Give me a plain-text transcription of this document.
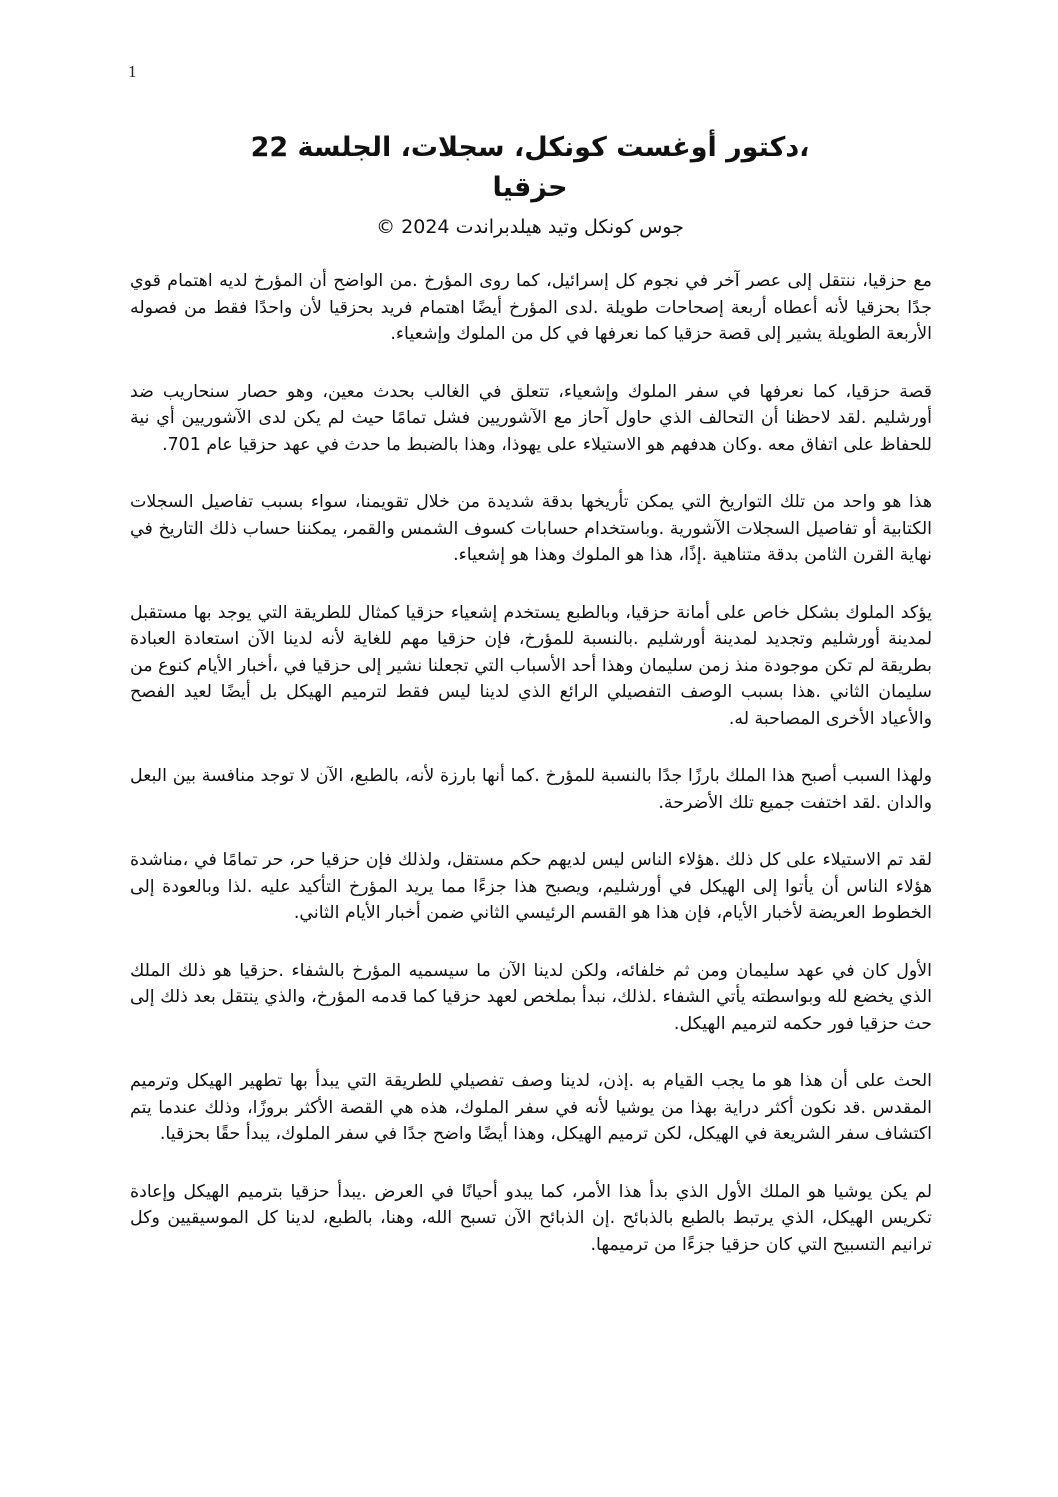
1
،دكتور أوغست كونكل، سجلات، الجلسة 22
حزقيا
جوس كونكل وتيد هيلدبراندت 2024 ©

مع حزقيا، ننتقل إلى عصر آخر في نجوم كل إسرائيل، كما روى المؤرخ .من الواضح أن المؤرخ لديه اهتمام قوي جدًا بحزقيا لأنه أعطاه أربعة إصحاحات طويلة .لدى المؤرخ أيضًا اهتمام فريد بحزقيا لأن واحدًا فقط من فصوله الأربعة الطويلة يشير إلى قصة حزقيا كما نعرفها في كل من الملوك وإشعياء.

قصة حزقيا، كما نعرفها في سفر الملوك وإشعياء، تتعلق في الغالب بحدث معين، وهو حصار سنحاريب ضد أورشليم .لقد لاحظنا أن التحالف الذي حاول آحاز مع الآشوريين فشل تمامًا حيث لم يكن لدى الآشوريين أي نية للحفاظ على اتفاق معه .وكان هدفهم هو الاستيلاء على يهوذا، وهذا بالضبط ما حدث في عهد حزقيا عام 701.

هذا هو واحد من تلك التواريخ التي يمكن تأريخها بدقة شديدة من خلال تقويمنا، سواء بسبب تفاصيل السجلات الكتابية أو تفاصيل السجلات الآشورية .وباستخدام حسابات كسوف الشمس والقمر، يمكننا حساب ذلك التاريخ في نهاية القرن الثامن بدقة متناهية .إذًا، هذا هو الملوك وهذا هو إشعياء.

يؤكد الملوك بشكل خاص على أمانة حزقيا، وبالطبع يستخدم إشعياء حزقيا كمثال للطريقة التي يوجد بها مستقبل لمدينة أورشليم وتجديد لمدينة أورشليم .بالنسبة للمؤرخ، فإن حزقيا مهم للغاية لأنه لدينا الآن استعادة العبادة بطريقة لم تكن موجودة منذ زمن سليمان وهذا أحد الأسباب التي تجعلنا نشير إلى حزقيا في ،أخبار الأيام كنوع من سليمان الثاني .هذا بسبب الوصف التفصيلي الرائع الذي لدينا ليس فقط لترميم الهيكل بل أيضًا لعيد الفصح والأعياد الأخرى المصاحبة له.

ولهذا السبب أصبح هذا الملك بارزًا جدًا بالنسبة للمؤرخ .كما أنها بارزة لأنه، بالطبع، الآن لا توجد منافسة بين البعل والدان .لقد اختفت جميع تلك الأضرحة.

لقد تم الاستيلاء على كل ذلك .هؤلاء الناس ليس لديهم حكم مستقل، ولذلك فإن حزقيا حر، حر تمامًا في ،مناشدة هؤلاء الناس أن يأتوا إلى الهيكل في أورشليم، ويصبح هذا جزءًا مما يريد المؤرخ التأكيد عليه .لذا وبالعودة إلى الخطوط العريضة لأخبار الأيام، فإن هذا هو القسم الرئيسي الثاني ضمن أخبار الأيام الثاني.

الأول كان في عهد سليمان ومن ثم خلفائه، ولكن لدينا الآن ما سيسميه المؤرخ بالشفاء .حزقيا هو ذلك الملك الذي يخضع لله وبواسطته يأتي الشفاء .لذلك، نبدأ بملخص لعهد حزقيا كما قدمه المؤرخ، والذي ينتقل بعد ذلك إلى حث حزقيا فور حكمه لترميم الهيكل.

الحث على أن هذا هو ما يجب القيام به .إذن، لدينا وصف تفصيلي للطريقة التي يبدأ بها تطهير الهيكل وترميم المقدس .قد نكون أكثر دراية بهذا من يوشيا لأنه في سفر الملوك، هذه هي القصة الأكثر بروزًا، وذلك عندما يتم اكتشاف سفر الشريعة في الهيكل، لكن ترميم الهيكل، وهذا أيضًا واضح جدًا في سفر الملوك، يبدأ حقًا بحزقيا.

لم يكن يوشيا هو الملك الأول الذي بدأ هذا الأمر، كما يبدو أحيانًا في العرض .يبدأ حزقيا بترميم الهيكل وإعادة تكريس الهيكل، الذي يرتبط بالطبع بالذبائح .إن الذبائح الآن تسبح الله، وهنا، بالطبع، لدينا كل الموسيقيين وكل ترانيم التسبيح التي كان حزقيا جزءًا من ترميمها.
